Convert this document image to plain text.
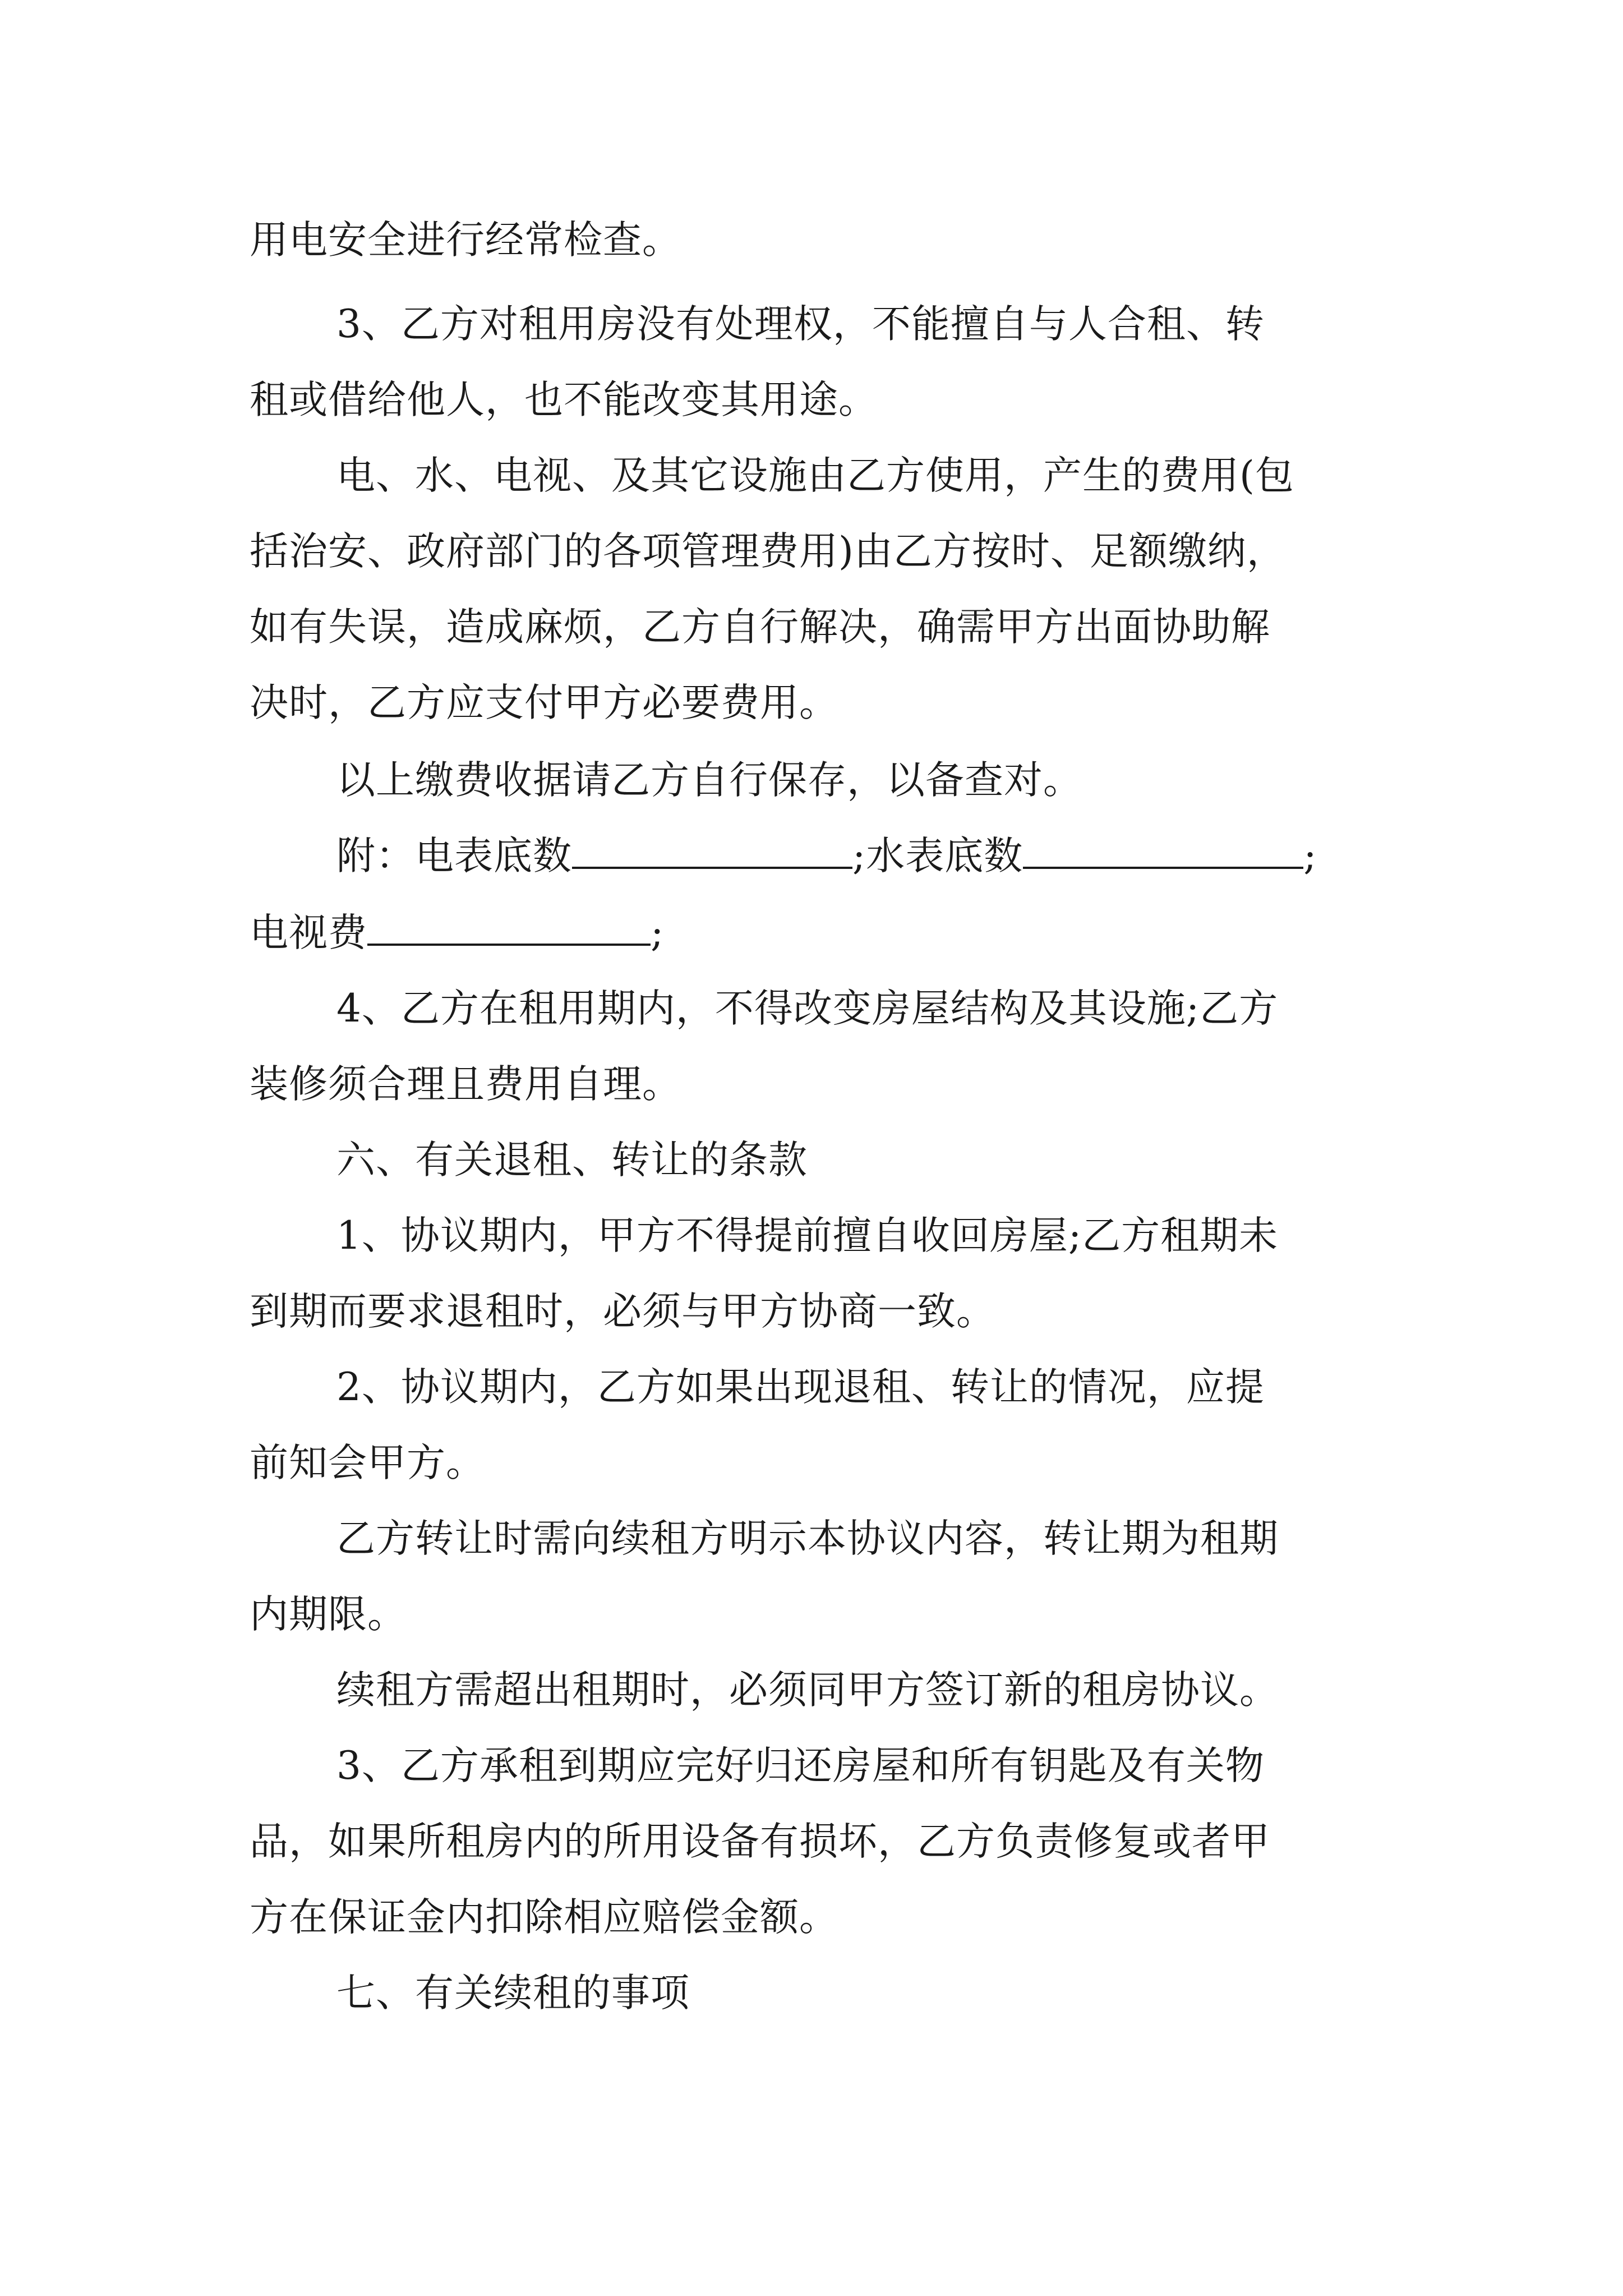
用电安全进行经常检查。
3、乙方对租用房没有处理权，不能擅自与人合租、转
租或借给他人，也不能改变其用途。
电、水、电视、及其它设施由乙方使用，产生的费用(包
括治安、政府部门的各项管理费用)由乙方按时、足额缴纳，
如有失误，造成麻烦，乙方自行解决，确需甲方出面协助解
决时，乙方应支付甲方必要费用。
以上缴费收据请乙方自行保存，以备查对。
附：电表底数	;水表底数	;
电视费	;
4、乙方在租用期内，不得改变房屋结构及其设施;乙方
装修须合理且费用自理。
六、有关退租、转让的条款
1、协议期内，甲方不得提前擅自收回房屋;乙方租期未
到期而要求退租时，必须与甲方协商一致。
2、协议期内，乙方如果出现退租、转让的情况，应提
前知会甲方。
乙方转让时需向续租方明示本协议内容，转让期为租期
内期限。
续租方需超出租期时，必须同甲方签订新的租房协议。
3、乙方承租到期应完好归还房屋和所有钥匙及有关物
品，如果所租房内的所用设备有损坏，乙方负责修复或者甲
方在保证金内扣除相应赔偿金额。
七、有关续租的事项
